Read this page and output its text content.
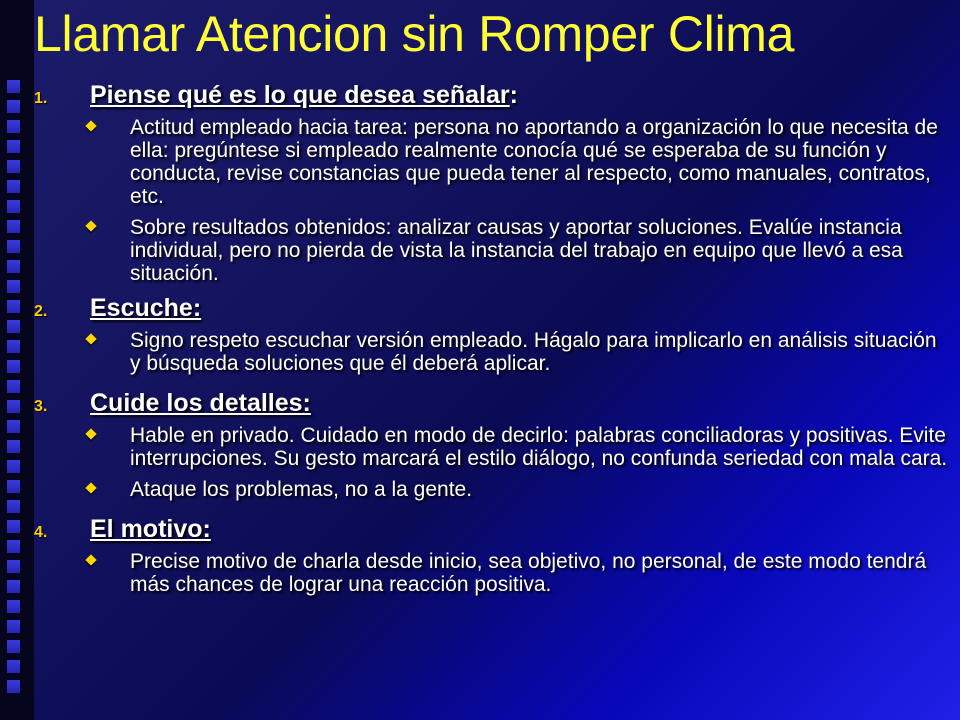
Llamar Atencion sin Romper Clima
1. Piense qué es lo que desea señalar:
Actitud empleado hacia tarea: persona no aportando a organización lo que necesita de ella: pregúntese si empleado realmente conocía qué se esperaba de su función y conducta, revise constancias que pueda tener al respecto, como manuales, contratos, etc.
Sobre resultados obtenidos: analizar causas y aportar soluciones. Evalúe instancia individual, pero no pierda de vista la instancia del trabajo en equipo que llevó a esa situación.
2. Escuche:
Signo respeto escuchar versión empleado. Hágalo para implicarlo en análisis situación y búsqueda soluciones que él deberá aplicar.
3. Cuide los detalles:
Hable en privado. Cuidado en modo de decirlo: palabras conciliadoras y positivas. Evite interrupciones. Su gesto marcará el estilo diálogo, no confunda seriedad con mala cara.
Ataque los problemas, no a la gente.
4. El motivo:
Precise motivo de charla desde inicio, sea objetivo, no personal, de este modo tendrá más chances de lograr una reacción positiva.
